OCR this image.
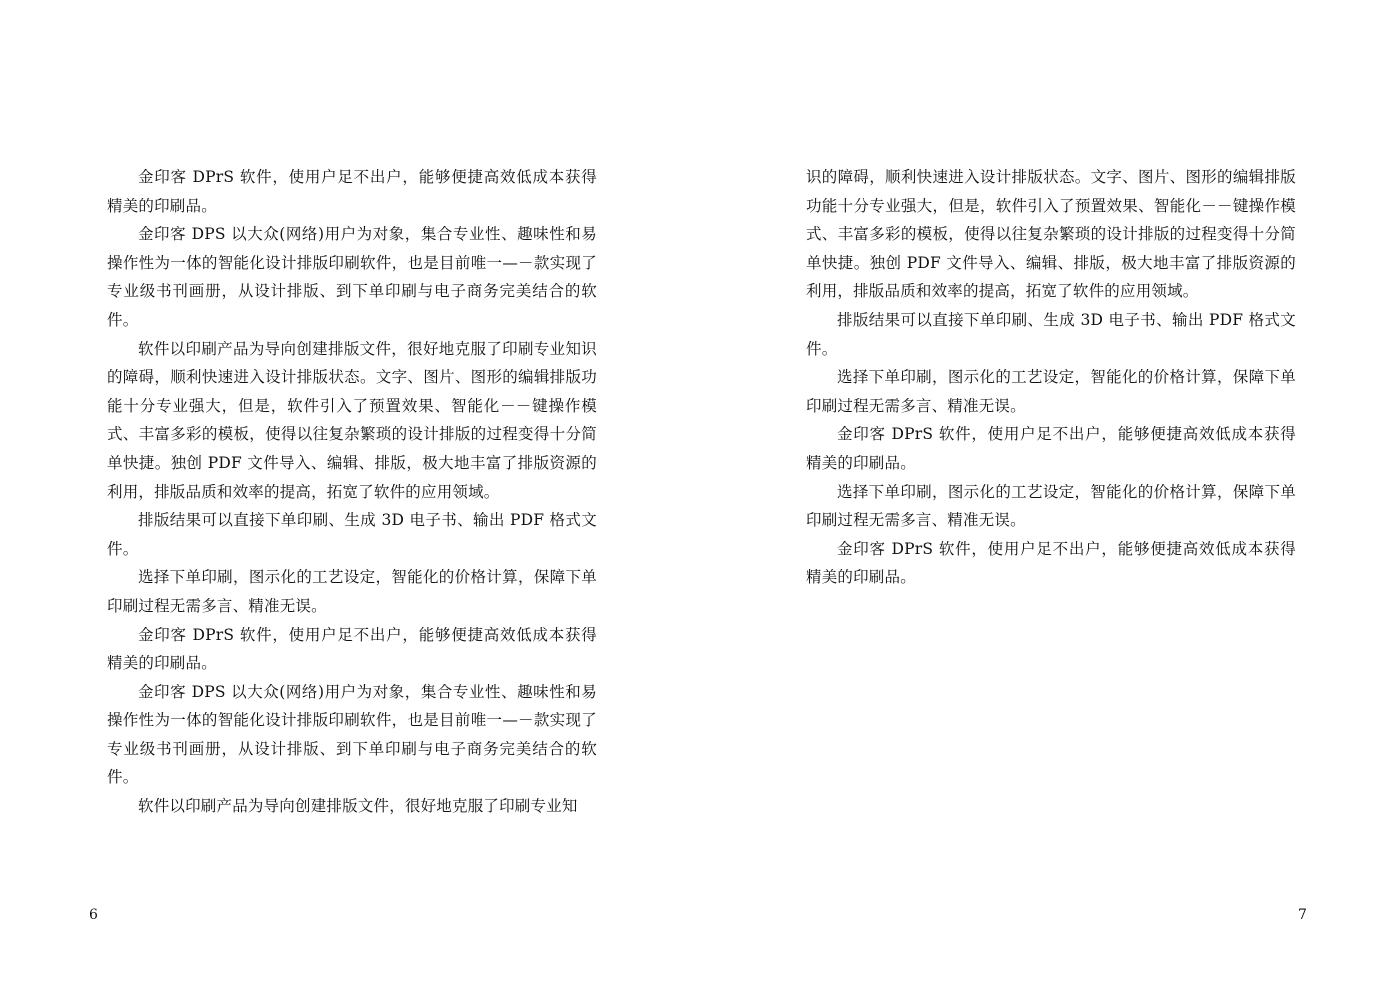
金印客 DPrS 软件，使用户足不出户，能够便捷高效低成本获得精美的印刷品。

金印客 DPS 以大众(网络)用户为对象，集合专业性、趣味性和易操作性为一体的智能化设计排版印刷软件，也是目前唯一—－款实现了专业级书刊画册，从设计排版、到下单印刷与电子商务完美结合的软件。

软件以印刷产品为导向创建排版文件，很好地克服了印刷专业知识的障碍，顺利快速进入设计排版状态。文字、图片、图形的编辑排版功能十分专业强大，但是，软件引入了预置效果、智能化－－键操作模式、丰富多彩的模板，使得以往复杂繁琐的设计排版的过程变得十分简单快捷。独创 PDF 文件导入、编辑、排版，极大地丰富了排版资源的利用，排版品质和效率的提高，拓宽了软件的应用领域。

排版结果可以直接下单印刷、生成 3D 电子书、输出 PDF 格式文件。

选择下单印刷，图示化的工艺设定，智能化的价格计算，保障下单印刷过程无需多言、精准无误。

金印客 DPrS 软件，使用户足不出户，能够便捷高效低成本获得精美的印刷品。

金印客 DPS 以大众(网络)用户为对象，集合专业性、趣味性和易操作性为一体的智能化设计排版印刷软件，也是目前唯一—－款实现了专业级书刊画册，从设计排版、到下单印刷与电子商务完美结合的软件。

软件以印刷产品为导向创建排版文件，很好地克服了印刷专业知

6

识的障碍，顺利快速进入设计排版状态。文字、图片、图形的编辑排版功能十分专业强大，但是，软件引入了预置效果、智能化－－键操作模式、丰富多彩的模板，使得以往复杂繁琐的设计排版的过程变得十分简单快捷。独创 PDF 文件导入、编辑、排版，极大地丰富了排版资源的利用，排版品质和效率的提高，拓宽了软件的应用领域。

排版结果可以直接下单印刷、生成 3D 电子书、输出 PDF 格式文件。

选择下单印刷，图示化的工艺设定，智能化的价格计算，保障下单印刷过程无需多言、精准无误。

金印客 DPrS 软件，使用户足不出户，能够便捷高效低成本获得精美的印刷品。

选择下单印刷，图示化的工艺设定，智能化的价格计算，保障下单印刷过程无需多言、精准无误。

金印客 DPrS 软件，使用户足不出户，能够便捷高效低成本获得精美的印刷品。

7
